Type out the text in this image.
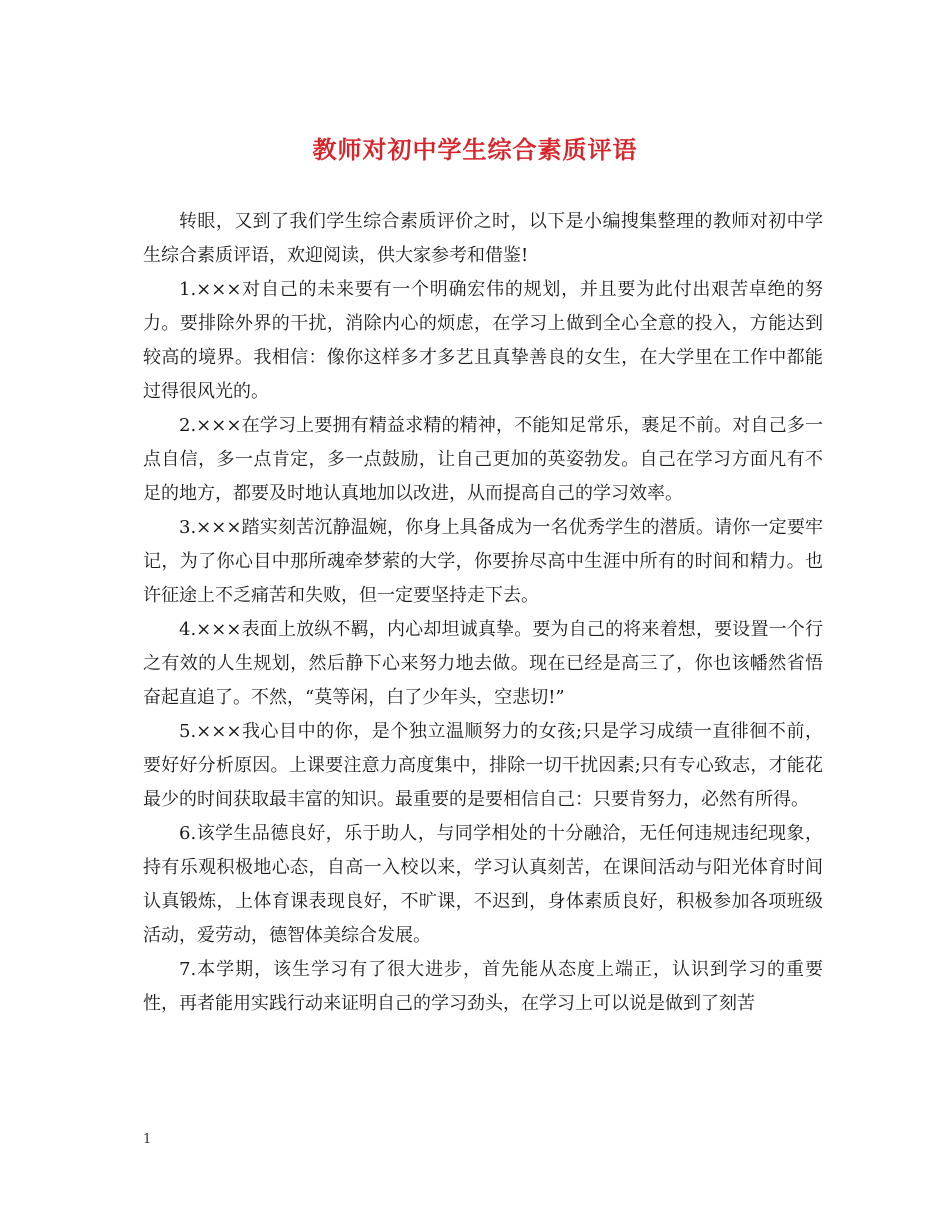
教师对初中学生综合素质评语

转眼，又到了我们学生综合素质评价之时，以下是小编搜集整理的教师对初中学生综合素质评语，欢迎阅读，供大家参考和借鉴!

1.×××对自己的未来要有一个明确宏伟的规划，并且要为此付出艰苦卓绝的努力。要排除外界的干扰，消除内心的烦虑，在学习上做到全心全意的投入，方能达到较高的境界。我相信：像你这样多才多艺且真挚善良的女生，在大学里在工作中都能过得很风光的。

2.×××在学习上要拥有精益求精的精神，不能知足常乐，裹足不前。对自己多一点自信，多一点肯定，多一点鼓励，让自己更加的英姿勃发。自己在学习方面凡有不足的地方，都要及时地认真地加以改进，从而提高自己的学习效率。

3.×××踏实刻苦沉静温婉，你身上具备成为一名优秀学生的潜质。请你一定要牢记，为了你心目中那所魂牵梦萦的大学，你要拚尽高中生涯中所有的时间和精力。也许征途上不乏痛苦和失败，但一定要坚持走下去。

4.×××表面上放纵不羁，内心却坦诚真挚。要为自己的将来着想，要设置一个行之有效的人生规划，然后静下心来努力地去做。现在已经是高三了，你也该幡然省悟奋起直追了。不然，“莫等闲，白了少年头，空悲切!”

5.×××我心目中的你，是个独立温顺努力的女孩;只是学习成绩一直徘徊不前，要好好分析原因。上课要注意力高度集中，排除一切干扰因素;只有专心致志，才能花最少的时间获取最丰富的知识。最重要的是要相信自己：只要肯努力，必然有所得。

6.该学生品德良好，乐于助人，与同学相处的十分融洽，无任何违规违纪现象，持有乐观积极地心态，自高一入校以来，学习认真刻苦，在课间活动与阳光体育时间认真锻炼，上体育课表现良好，不旷课，不迟到，身体素质良好，积极参加各项班级活动，爱劳动，德智体美综合发展。

7.本学期，该生学习有了很大进步，首先能从态度上端正，认识到学习的重要性，再者能用实践行动来证明自己的学习劲头，在学习上可以说是做到了刻苦

1
